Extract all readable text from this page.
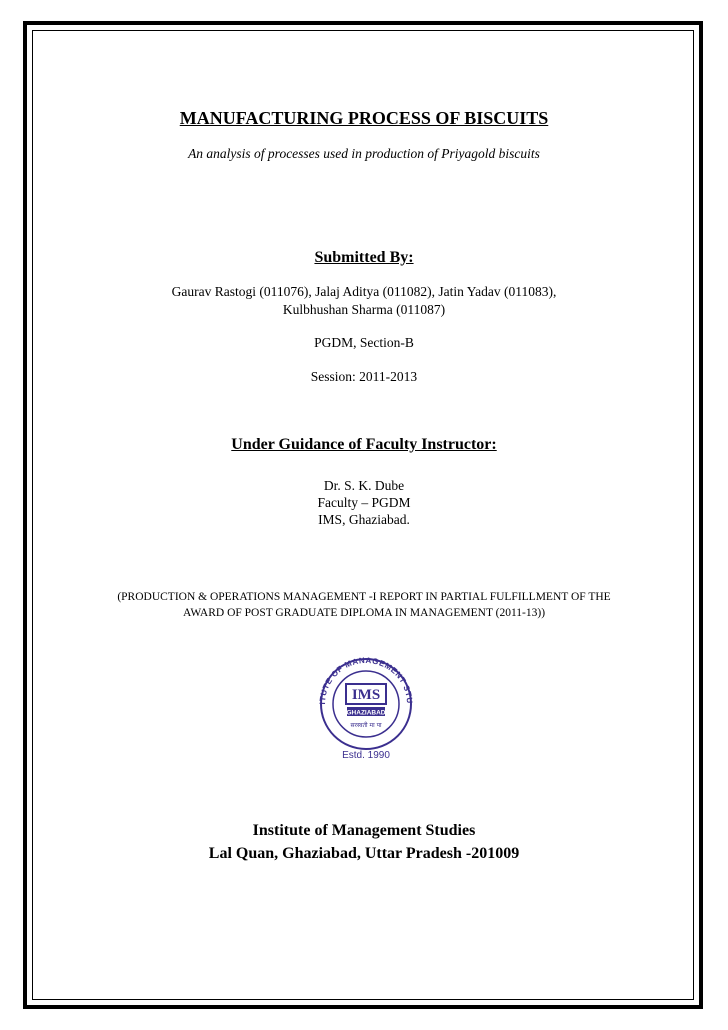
MANUFACTURING PROCESS OF BISCUITS
An analysis of processes used in production of Priyagold biscuits
Submitted By:
Gaurav Rastogi (011076), Jalaj Aditya (011082), Jatin Yadav (011083),
Kulbhushan Sharma (011087)
PGDM, Section-B
Session: 2011-2013
Under Guidance of Faculty Instructor:
Dr. S. K. Dube
Faculty – PGDM
IMS, Ghaziabad.
(PRODUCTION & OPERATIONS MANAGEMENT -I REPORT IN PARTIAL FULFILLMENT OF THE
AWARD OF POST GRADUATE DIPLOMA IN MANAGEMENT (2011-13))
ITUTE OF MANAGEMENT STU
IMS
GHAZIABAD
सरस्वती मा पा
Estd. 1990
Institute of Management Studies
Lal Quan, Ghaziabad, Uttar Pradesh -201009
